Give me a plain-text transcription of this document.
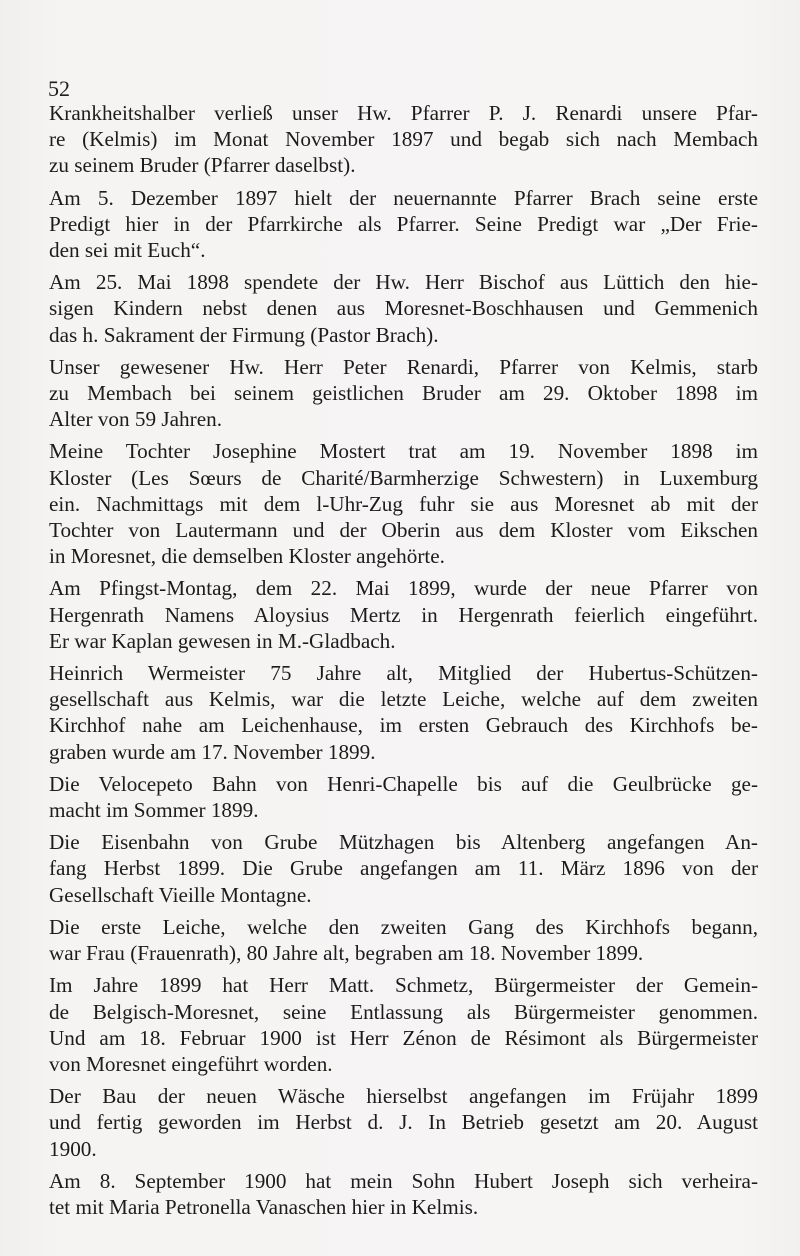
52
Krankheitshalber verließ unser Hw. Pfarrer P. J. Renardi unsere Pfar-
re (Kelmis) im Monat November 1897 und begab sich nach Membach
zu seinem Bruder (Pfarrer daselbst).
Am 5. Dezember 1897 hielt der neuernannte Pfarrer Brach seine erste
Predigt hier in der Pfarrkirche als Pfarrer. Seine Predigt war „Der Frie-
den sei mit Euch“.
Am 25. Mai 1898 spendete der Hw. Herr Bischof aus Lüttich den hie-
sigen Kindern nebst denen aus Moresnet-Boschhausen und Gemmenich
das h. Sakrament der Firmung (Pastor Brach).
Unser gewesener Hw. Herr Peter Renardi, Pfarrer von Kelmis, starb
zu Membach bei seinem geistlichen Bruder am 29. Oktober 1898 im
Alter von 59 Jahren.
Meine Tochter Josephine Mostert trat am 19. November 1898 im
Kloster (Les Sœurs de Charité/Barmherzige Schwestern) in Luxemburg
ein. Nachmittags mit dem l-Uhr-Zug fuhr sie aus Moresnet ab mit der
Tochter von Lautermann und der Oberin aus dem Kloster vom Eikschen
in Moresnet, die demselben Kloster angehörte.
Am Pfingst-Montag, dem 22. Mai 1899, wurde der neue Pfarrer von
Hergenrath Namens Aloysius Mertz in Hergenrath feierlich eingeführt.
Er war Kaplan gewesen in M.-Gladbach.
Heinrich Wermeister 75 Jahre alt, Mitglied der Hubertus-Schützen-
gesellschaft aus Kelmis, war die letzte Leiche, welche auf dem zweiten
Kirchhof nahe am Leichenhause, im ersten Gebrauch des Kirchhofs be-
graben wurde am 17. November 1899.
Die Velocepeto Bahn von Henri-Chapelle bis auf die Geulbrücke ge-
macht im Sommer 1899.
Die Eisenbahn von Grube Mützhagen bis Altenberg angefangen An-
fang Herbst 1899. Die Grube angefangen am 11. März 1896 von der
Gesellschaft Vieille Montagne.
Die erste Leiche, welche den zweiten Gang des Kirchhofs begann,
war Frau (Frauenrath), 80 Jahre alt, begraben am 18. November 1899.
Im Jahre 1899 hat Herr Matt. Schmetz, Bürgermeister der Gemein-
de Belgisch-Moresnet, seine Entlassung als Bürgermeister genommen.
Und am 18. Februar 1900 ist Herr Zénon de Résimont als Bürgermeister
von Moresnet eingeführt worden.
Der Bau der neuen Wäsche hierselbst angefangen im Früjahr 1899
und fertig geworden im Herbst d. J. In Betrieb gesetzt am 20. August
1900.
Am 8. September 1900 hat mein Sohn Hubert Joseph sich verheira-
tet mit Maria Petronella Vanaschen hier in Kelmis.
